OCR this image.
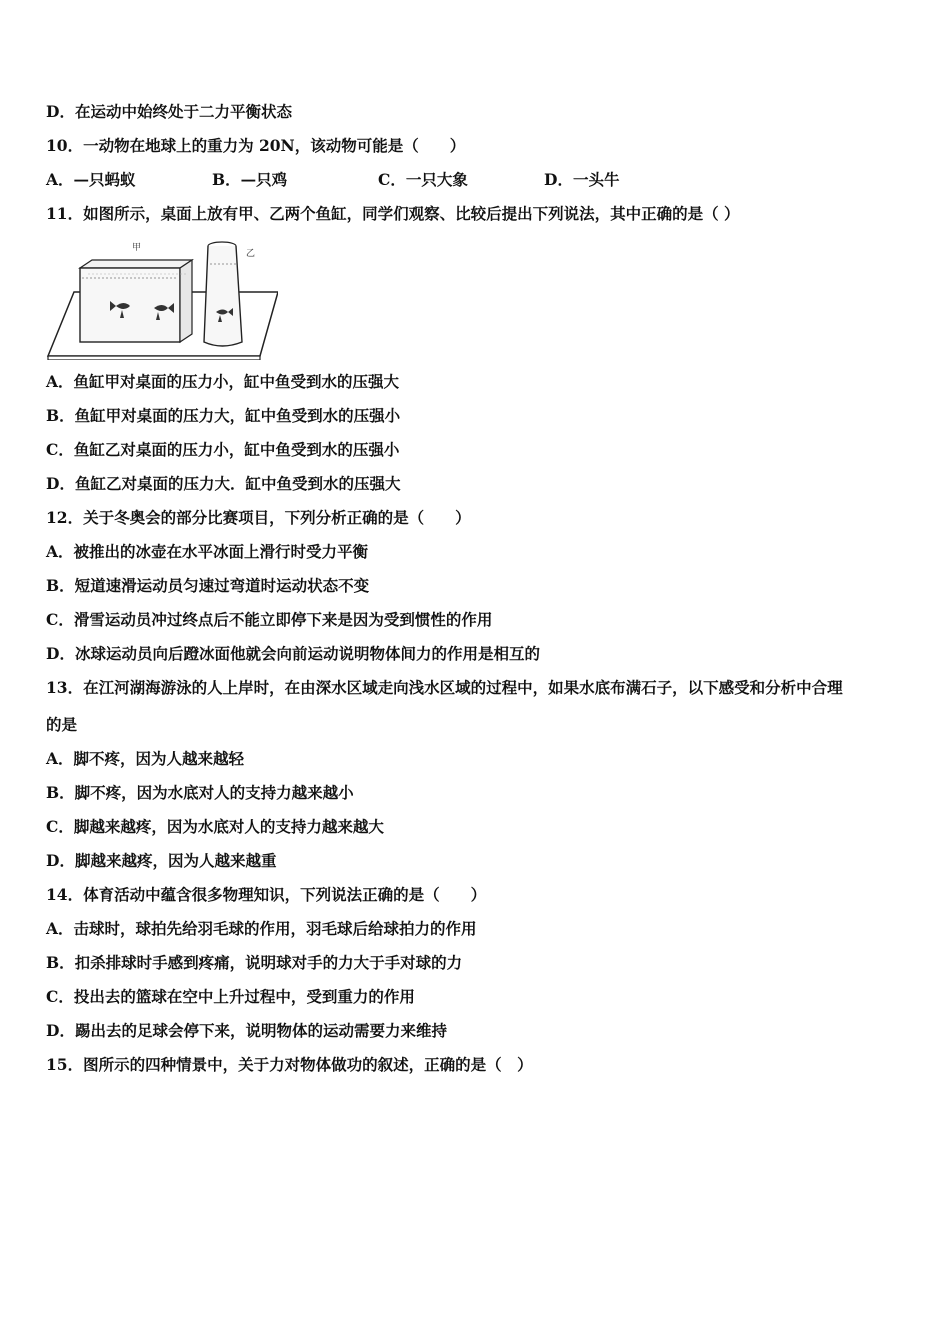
D．在运动中始终处于二力平衡状态
10．一动物在地球上的重力为 20N，该动物可能是（　　）
A．—只蚂蚁	B．—只鸡	C．一只大象	D．一头牛
11．如图所示，桌面上放有甲、乙两个鱼缸，同学们观察、比较后提出下列说法，其中正确的是（ ）
甲
乙
A．鱼缸甲对桌面的压力小，缸中鱼受到水的压强大
B．鱼缸甲对桌面的压力大，缸中鱼受到水的压强小
C．鱼缸乙对桌面的压力小，缸中鱼受到水的压强小
D．鱼缸乙对桌面的压力大．缸中鱼受到水的压强大
12．关于冬奥会的部分比赛项目，下列分析正确的是（　　）
A．被推出的冰壶在水平冰面上滑行时受力平衡
B．短道速滑运动员匀速过弯道时运动状态不变
C．滑雪运动员冲过终点后不能立即停下来是因为受到惯性的作用
D．冰球运动员向后蹬冰面他就会向前运动说明物体间力的作用是相互的
13．在江河湖海游泳的人上岸时，在由深水区域走向浅水区域的过程中，如果水底布满石子，以下感受和分析中合理
的是
A．脚不疼，因为人越来越轻
B．脚不疼，因为水底对人的支持力越来越小
C．脚越来越疼，因为水底对人的支持力越来越大
D．脚越来越疼，因为人越来越重
14．体育活动中蕴含很多物理知识，下列说法正确的是（　　）
A．击球时，球拍先给羽毛球的作用，羽毛球后给球拍力的作用
B．扣杀排球时手感到疼痛，说明球对手的力大于手对球的力
C．投出去的篮球在空中上升过程中，受到重力的作用
D．踢出去的足球会停下来，说明物体的运动需要力来维持
15．图所示的四种情景中，关于力对物体做功的叙述，正确的是（　）
